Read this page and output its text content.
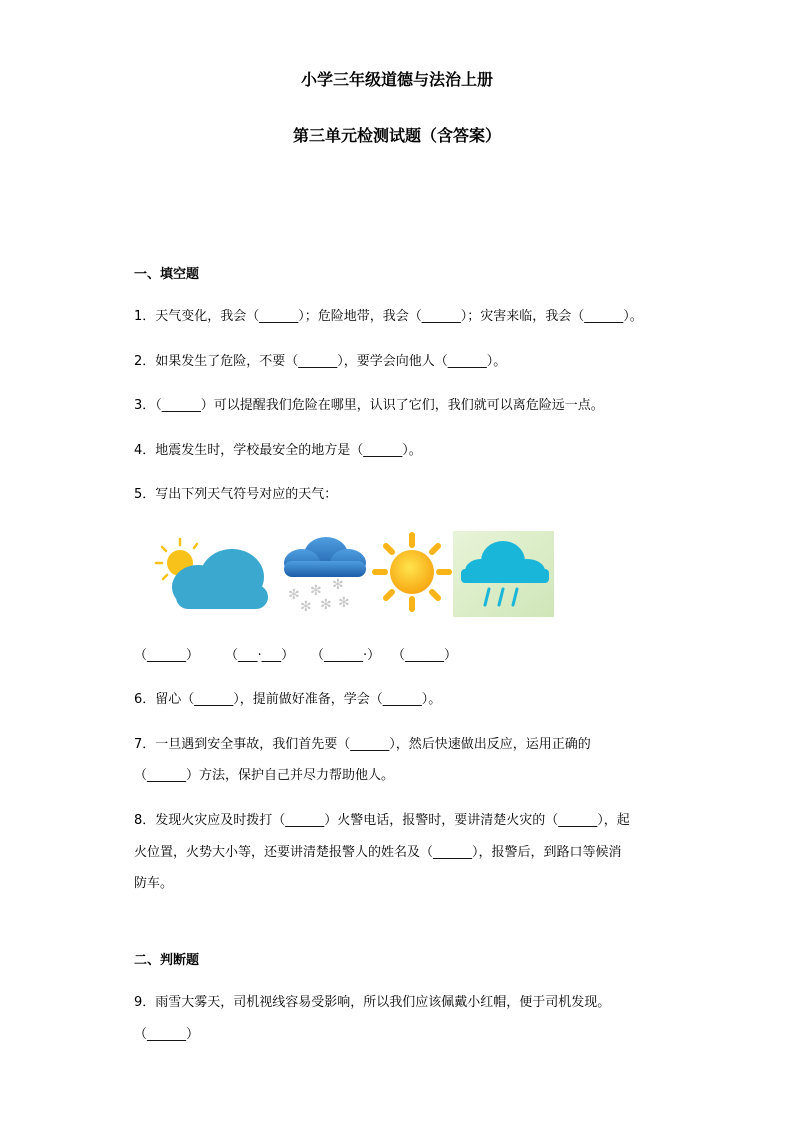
小学三年级道德与法治上册
第三单元检测试题（含答案）
一、填空题
1．天气变化，我会（______）；危险地带，我会（______）；灾害来临，我会（______）。
2．如果发生了危险，不要（______），要学会向他人（______）。
3．（______）可以提醒我们危险在哪里，认识了它们，我们就可以离危险远一点。
4．地震发生时，学校最安全的地方是（______）。
5．写出下列天气符号对应的天气：
✻ ✻ ✻
✻
✻ ✻
（______） （___·___） （______·） （______）
6．留心（______），提前做好准备，学会（______）。
7．一旦遇到安全事故，我们首先要（______），然后快速做出反应，运用正确的
（______）方法，保护自己并尽力帮助他人。
8．发现火灾应及时拨打（______）火警电话，报警时，要讲清楚火灾的（______），起
火位置，火势大小等，还要讲清楚报警人的姓名及（______），报警后，到路口等候消
防车。
二、判断题
9．雨雪大雾天，司机视线容易受影响，所以我们应该佩戴小红帽，便于司机发现。
（______）
